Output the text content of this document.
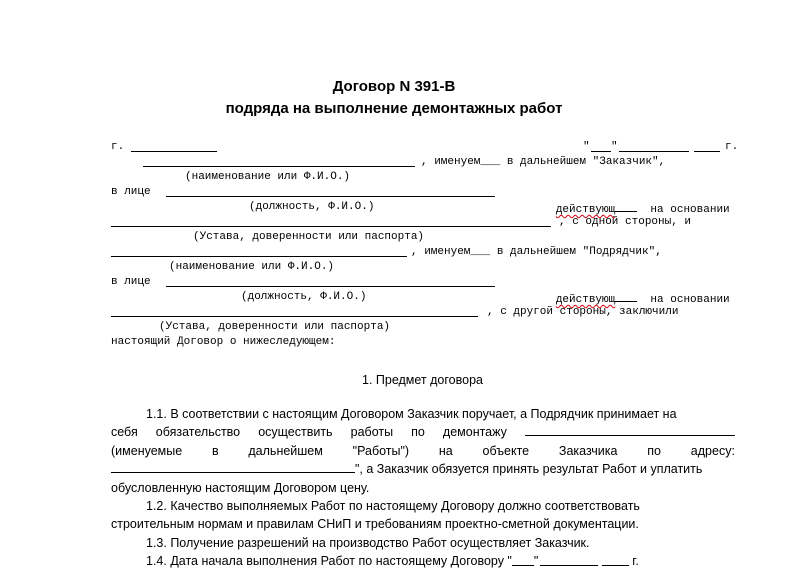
Договор N 391-В
подряда на выполнение демонтажных работ

г.

	"

"

	г.

, именуем___ в дальнейшем "Заказчик",

(наименование или Ф.И.О.)

в лице

действующ  на основании

(должность, Ф.И.О.)

, с одной стороны, и

(Устава, доверенности или паспорта)

, именуем___ в дальнейшем "Подрядчик",

(наименование или Ф.И.О.)

в лице

действующ  на основании

(должность, Ф.И.О.)

, с другой стороны, заключили

(Устава, доверенности или паспорта)

настоящий Договор о нижеследующем:

1. Предмет договора

1.1. В соответствии с настоящим Договором Заказчик поручает, а Подрядчик принимает на

себя обязательство осуществить работы по демонтажу
(именуемые в дальнейшем "Работы") на объекте Заказчика по адресу:
", а Заказчик обязуется принять результат Работ и уплатить

обусловленную настоящим Договором цену.

1.2. Качество выполняемых Работ по настоящему Договору должно соответствовать

строительным нормам и правилам СНиП и требованиям проектно-сметной документации.

1.3. Получение разрешений на производство Работ осуществляет Заказчик.

1.4. Дата начала выполнения Работ по настоящему Договору " "	г.
